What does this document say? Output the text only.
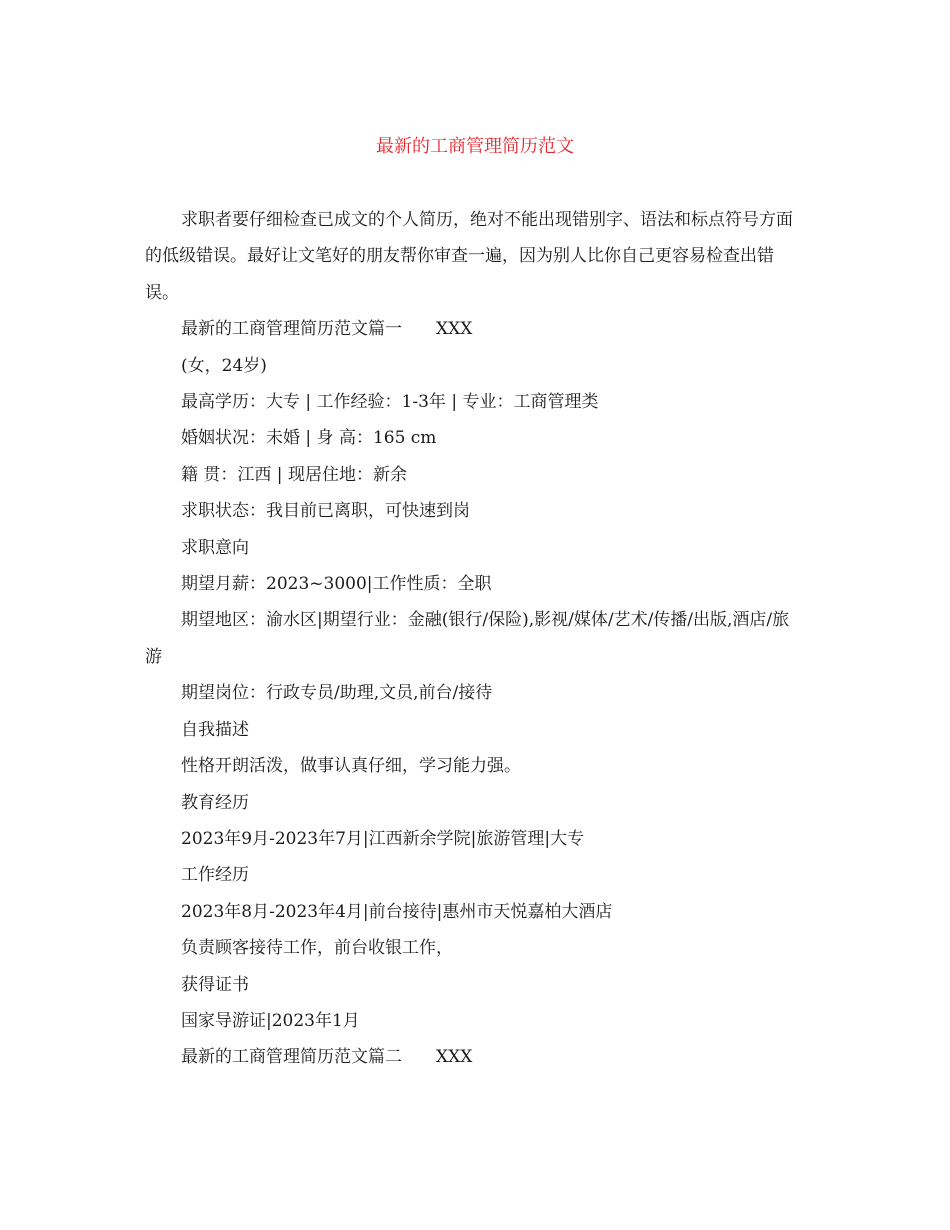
最新的工商管理简历范文

求职者要仔细检查已成文的个人简历，绝对不能出现错别字、语法和标点符号方面的低级错误。最好让文笔好的朋友帮你审查一遍，因为别人比你自己更容易检查出错误。

最新的工商管理简历范文篇一 XXX

(女，24岁)

最高学历：大专 | 工作经验：1-3年 | 专业：工商管理类

婚姻状况：未婚 | 身 高：165 cm

籍 贯：江西 | 现居住地：新余

求职状态：我目前已离职，可快速到岗

求职意向

期望月薪：2023~3000|工作性质：全职

期望地区：渝水区|期望行业：金融(银行/保险),影视/媒体/艺术/传播/出版,酒店/旅游

期望岗位：行政专员/助理,文员,前台/接待

自我描述

性格开朗活泼，做事认真仔细，学习能力强。

教育经历

2023年9月-2023年7月|江西新余学院|旅游管理|大专

工作经历

2023年8月-2023年4月|前台接待|惠州市天悦嘉柏大酒店

负责顾客接待工作，前台收银工作，

获得证书

国家导游证|2023年1月

最新的工商管理简历范文篇二 XXX
